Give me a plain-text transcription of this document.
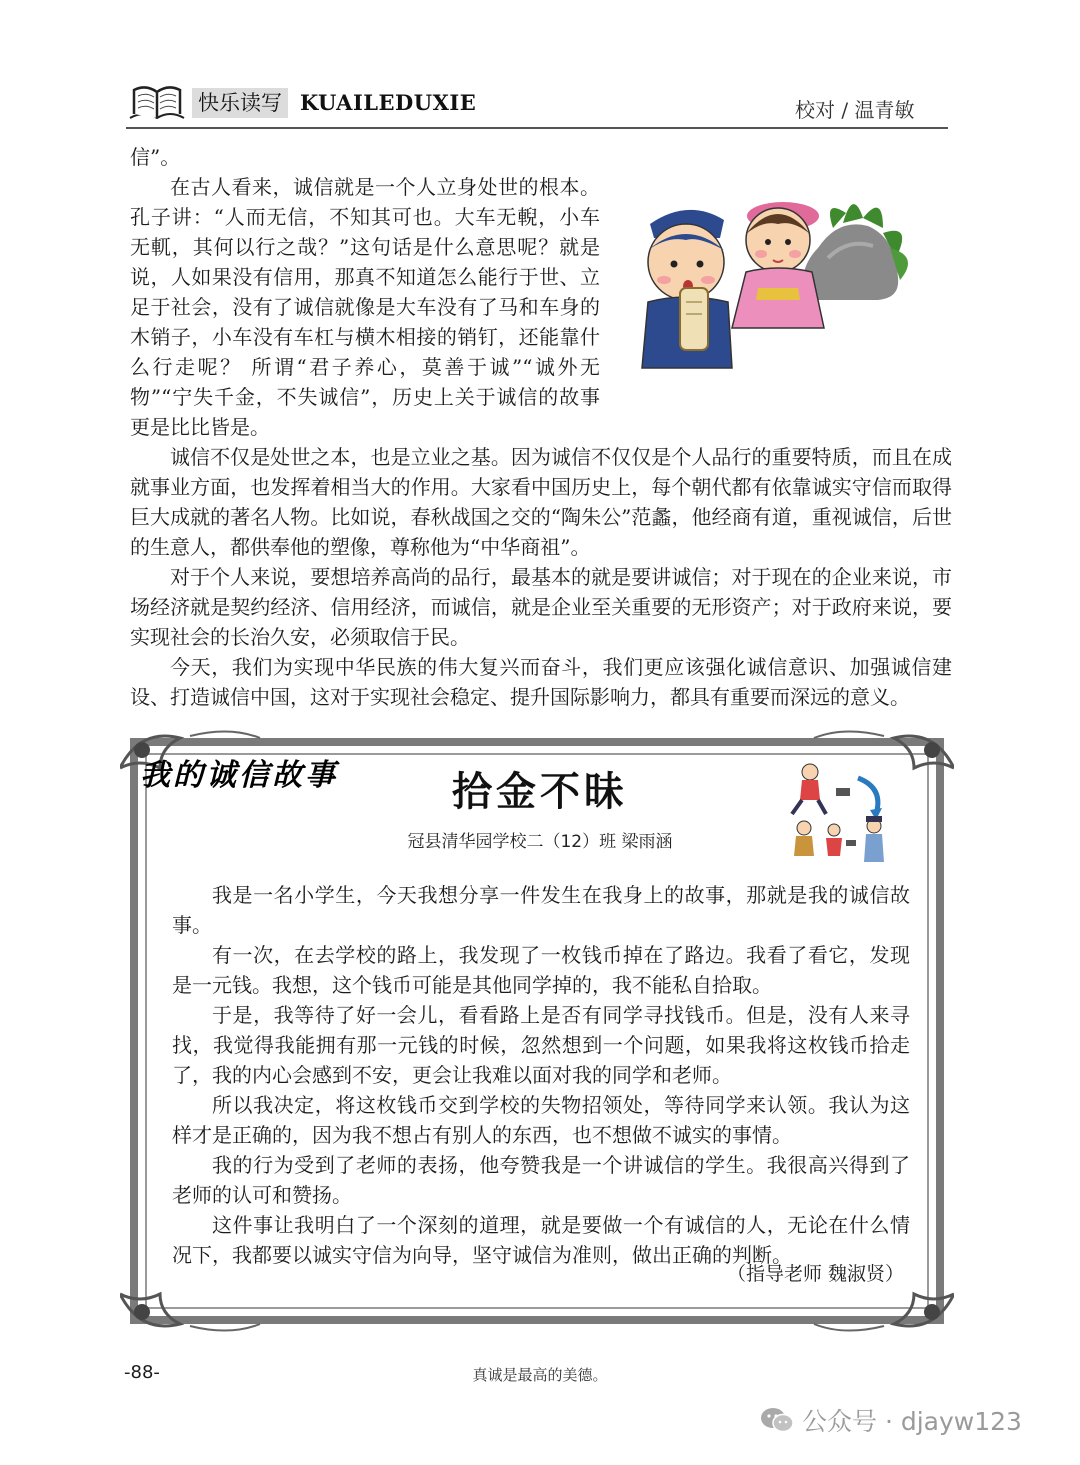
快乐读写 KUAILEDUXIE	校对 / 温青敏

信”。

在古人看来，诚信就是一个人立身处世的根本。孔子讲：“人而无信，不知其可也。大车无輗，小车无軏，其何以行之哉？”这句话是什么意思呢？就是说，人如果没有信用，那真不知道怎么能行于世、立足于社会，没有了诚信就像是大车没有了马和车身的木销子，小车没有车杠与横木相接的销钉，还能靠什么行走呢？ 所谓“君子养心，莫善于诚”“诚外无物”“宁失千金，不失诚信”，历史上关于诚信的故事更是比比皆是。
诚信不仅是处世之本，也是立业之基。因为诚信不仅仅是个人品行的重要特质，而且在成就事业方面，也发挥着相当大的作用。大家看中国历史上，每个朝代都有依靠诚实守信而取得巨大成就的著名人物。比如说，春秋战国之交的“陶朱公”范蠡，他经商有道，重视诚信，后世的生意人，都供奉他的塑像，尊称他为“中华商祖”。
对于个人来说，要想培养高尚的品行，最基本的就是要讲诚信；对于现在的企业来说，市场经济就是契约经济、信用经济，而诚信，就是企业至关重要的无形资产；对于政府来说，要实现社会的长治久安，必须取信于民。
今天，我们为实现中华民族的伟大复兴而奋斗，我们更应该强化诚信意识、加强诚信建设、打造诚信中国，这对于实现社会稳定、提升国际影响力，都具有重要而深远的意义。
我的诚信故事	拾金不昧
冠县清华园学校二（12）班 梁雨涵
我是一名小学生，今天我想分享一件发生在我身上的故事，那就是我的诚信故事。
有一次，在去学校的路上，我发现了一枚钱币掉在了路边。我看了看它，发现是一元钱。我想，这个钱币可能是其他同学掉的，我不能私自拾取。
于是，我等待了好一会儿，看看路上是否有同学寻找钱币。但是，没有人来寻找，我觉得我能拥有那一元钱的时候，忽然想到一个问题，如果我将这枚钱币拾走了，我的内心会感到不安，更会让我难以面对我的同学和老师。
所以我决定，将这枚钱币交到学校的失物招领处，等待同学来认领。我认为这样才是正确的，因为我不想占有别人的东西，也不想做不诚实的事情。
我的行为受到了老师的表扬，他夸赞我是一个讲诚信的学生。我很高兴得到了老师的认可和赞扬。
这件事让我明白了一个深刻的道理，就是要做一个有诚信的人，无论在什么情况下，我都要以诚实守信为向导，坚守诚信为准则，做出正确的判断。
（指导老师 魏淑贤）
-88-	真诚是最高的美德。
公众号 · djayw123
